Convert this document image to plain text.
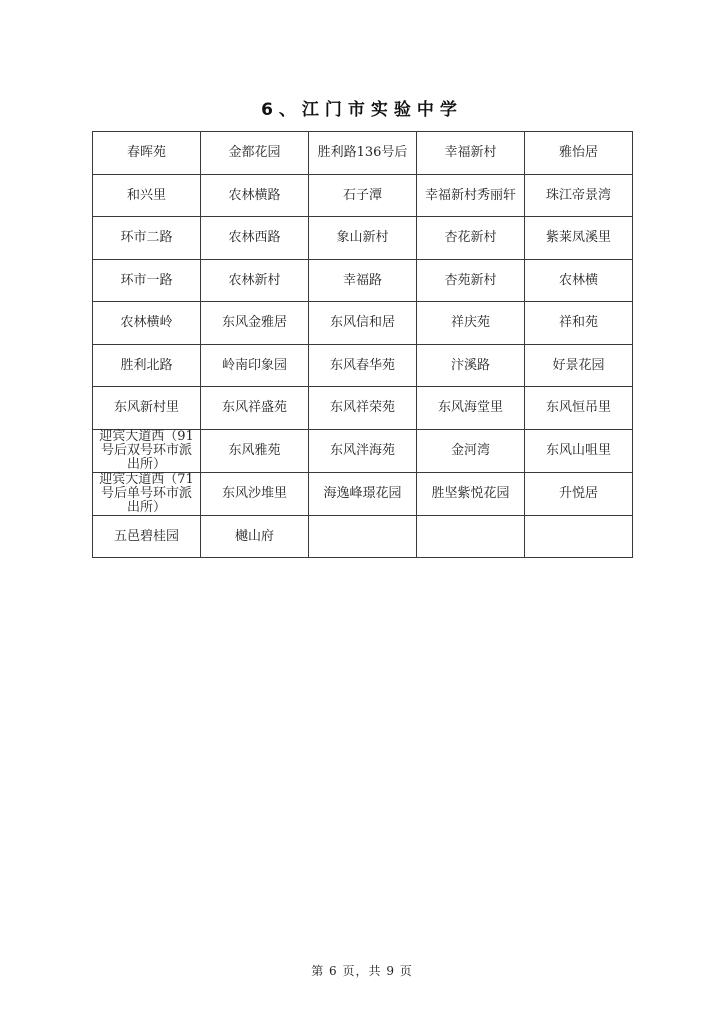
6、江门市实验中学
春晖苑	金都花园	胜利路136号后	幸福新村	雅怡居
和兴里	农林横路	石子潭	幸福新村秀丽轩	珠江帝景湾
环市二路	农林西路	象山新村	杏花新村	紫莱凤溪里
环市一路	农林新村	幸福路	杏苑新村	农林横
农林横岭	东风金雅居	东风信和居	祥庆苑	祥和苑
胜利北路	岭南印象园	东风春华苑	汴溪路	好景花园
东风新村里	东风祥盛苑	东风祥荣苑	东风海堂里	东风恒吊里
迎宾大道西（91号后双号环市派出所）	东风雅苑	东风泮海苑	金河湾	东风山咀里
迎宾大道西（71号后单号环市派出所）	东风沙堆里	海逸峰璟花园	胜坚紫悦花园	升悦居
五邑碧桂园	樾山府			
第 6 页，共 9 页
